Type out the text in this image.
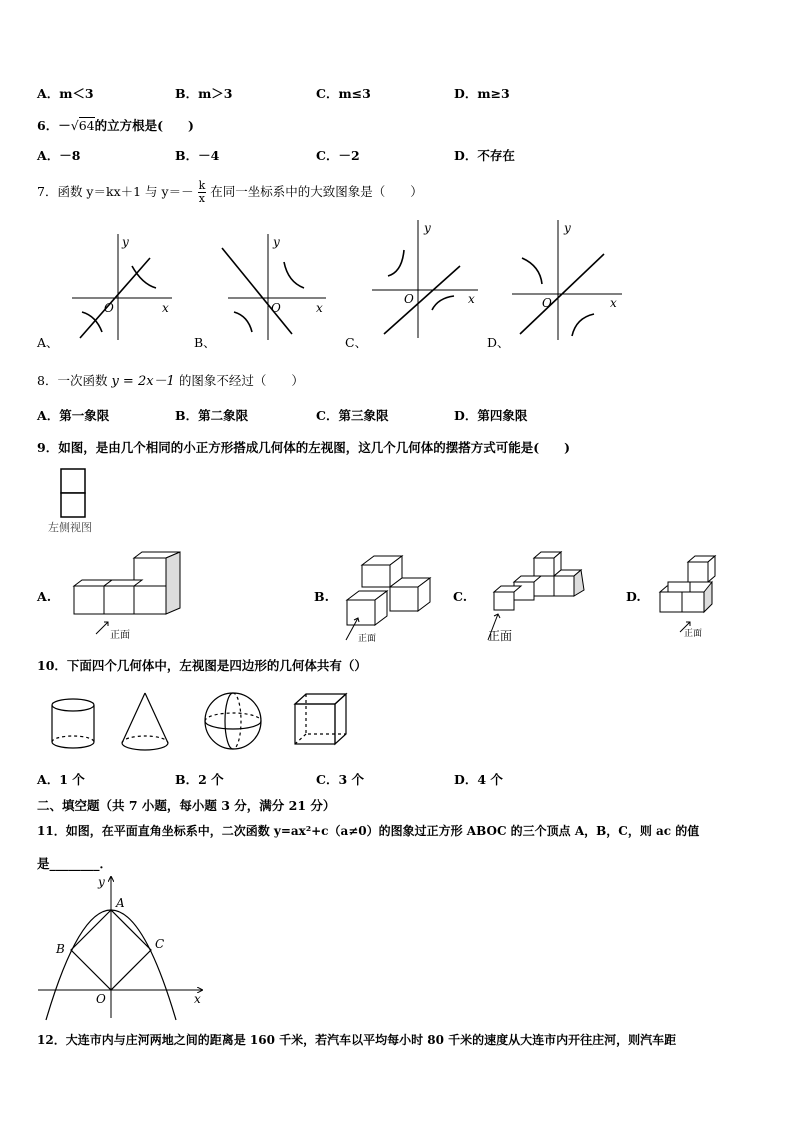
A．m＜3	B．m＞3	C．m≤3	D．m≥3
6．－√64的立方根是(　　)
A．－8	B．－4	C．－2	D．不存在
7．函数 y＝kx＋1 与 $y=- \frac{k}{x}$ 在同一坐标系中的大致图象是（　　）
y
x
O
y
x
O
y
x
O
y
x
O
A、	B、	C、	D、
8．一次函数 y = 2x－1 的图象不经过（　　）
A．第一象限	B．第二象限	C．第三象限	D．第四象限
9．如图，是由几个相同的小正方形搭成几何体的左视图，这几个几何体的摆搭方式可能是(　　)
左侧视图
正面	正面	正面	正面
A.	B.	C.	D.
10．下面四个几何体中，左视图是四边形的几何体共有（）
A．1 个	B．2 个	C．3 个	D．4 个
二、填空题（共 7 小题，每小题 3 分，满分 21 分）
11．如图，在平面直角坐标系中，二次函数 y=ax²+c（a≠0）的图象过正方形 ABOC 的三个顶点 A，B，C，则 ac 的值
是________．
A
B	C
O	x
y
12．大连市内与庄河两地之间的距离是 160 千米，若汽车以平均每小时 80 千米的速度从大连市内开往庄河，则汽车距
